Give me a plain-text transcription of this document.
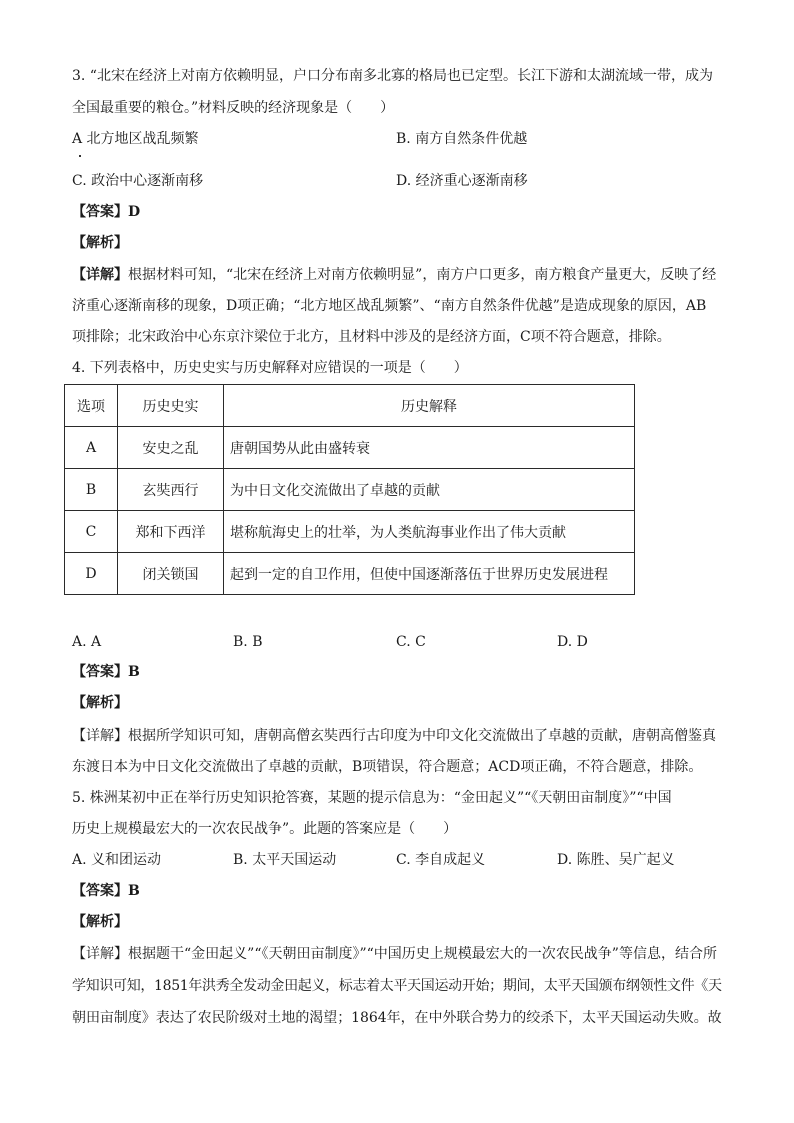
3. “北宋在经济上对南方依赖明显，户口分布南多北寡的格局也已定型。长江下游和太湖流域一带，成为
全国最重要的粮仓。”材料反映的经济现象是（　　）
A 北方地区战乱频繁	B. 南方自然条件优越
C. 政治中心逐渐南移	D. 经济重心逐渐南移
【答案】D
【解析】
【详解】根据材料可知，“北宋在经济上对南方依赖明显”，南方户口更多，南方粮食产量更大，反映了经
济重心逐渐南移的现象，D项正确；“北方地区战乱频繁”、“南方自然条件优越”是造成现象的原因，AB
项排除；北宋政治中心东京汴梁位于北方，且材料中涉及的是经济方面，C项不符合题意，排除。
4. 下列表格中，历史史实与历史解释对应错误的一项是（　　）
选项	历史史实	历史解释
A	安史之乱	唐朝国势从此由盛转衰
B	玄奘西行	为中日文化交流做出了卓越的贡献
C	郑和下西洋	堪称航海史上的壮举，为人类航海事业作出了伟大贡献
D	闭关锁国	起到一定的自卫作用，但使中国逐渐落伍于世界历史发展进程
A. A	B. B	C. C	D. D
【答案】B
【解析】
【详解】根据所学知识可知，唐朝高僧玄奘西行古印度为中印文化交流做出了卓越的贡献，唐朝高僧鉴真
东渡日本为中日文化交流做出了卓越的贡献，B项错误，符合题意；ACD项正确，不符合题意，排除。
5. 株洲某初中正在举行历史知识抢答赛，某题的提示信息为：“金田起义”“《天朝田亩制度》”“中国
历史上规模最宏大的一次农民战争”。此题的答案应是（　　）
A. 义和团运动	B. 太平天国运动	C. 李自成起义	D. 陈胜、吴广起义
【答案】B
【解析】
【详解】根据题干“金田起义”“《天朝田亩制度》”“中国历史上规模最宏大的一次农民战争”等信息，结合所
学知识可知，1851年洪秀全发动金田起义，标志着太平天国运动开始；期间，太平天国颁布纲领性文件《天
朝田亩制度》表达了农民阶级对土地的渴望；1864年，在中外联合势力的绞杀下，太平天国运动失败。故
